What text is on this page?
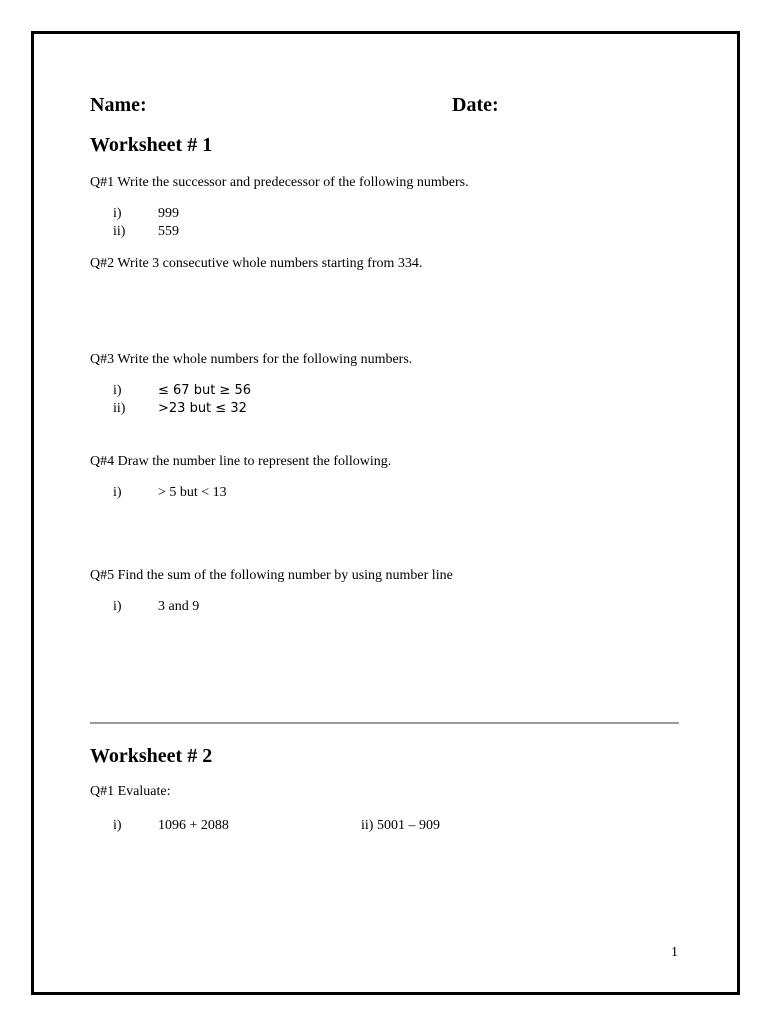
Name:	Date:
Worksheet # 1
Q#1 Write the successor and predecessor of the following numbers.
i)	999
ii) 559
Q#2 Write 3 consecutive whole numbers starting from 334.
Q#3 Write the whole numbers for the following numbers.
i)	≤ 67 but ≥ 56
ii)	>23 but ≤ 32
Q#4 Draw the number line to represent the following.
i)	> 5 but < 13
Q#5 Find the sum of the following number by using number line
i)	3 and 9
Worksheet # 2
Q#1 Evaluate:
i)	1096 + 2088	ii) 5001 – 909
1
